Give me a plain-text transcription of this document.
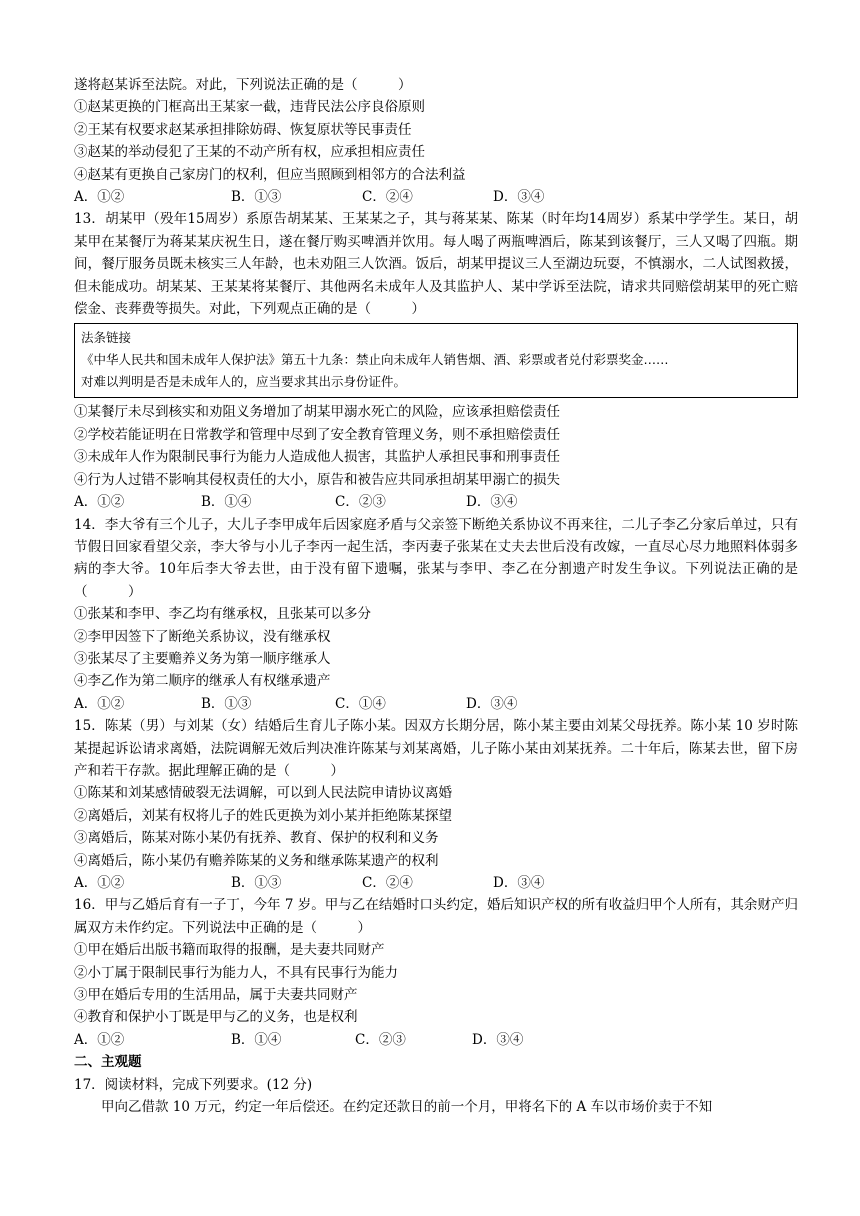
遂将赵某诉至法院。对此，下列说法正确的是（　　　）

①赵某更换的门框高出王某家一截，违背民法公序良俗原则

②王某有权要求赵某承担排除妨碍、恢复原状等民事责任

③赵某的举动侵犯了王某的不动产所有权，应承担相应责任

④赵某有更换自己家房门的权利，但应当照顾到相邻方的合法利益

A．①②	B．①③	C．②④	D．③④

13．胡某甲（殁年15周岁）系原告胡某某、王某某之子，其与蒋某某、陈某（时年均14周岁）系某中学学生。某日，胡某甲在某餐厅为蒋某某庆祝生日，遂在餐厅购买啤酒并饮用。每人喝了两瓶啤酒后，陈某到该餐厅，三人又喝了四瓶。期间，餐厅服务员既未核实三人年龄，也未劝阻三人饮酒。饭后，胡某甲提议三人至湖边玩耍，不慎溺水，二人试图救援，但未能成功。胡某某、王某某将某餐厅、其他两名未成年人及其监护人、某中学诉至法院，请求共同赔偿胡某甲的死亡赔偿金、丧葬费等损失。对此，下列观点正确的是（　　　）

法条链接
《中华人民共和国未成年人保护法》第五十九条：禁止向未成年人销售烟、酒、彩票或者兑付彩票奖金……
对难以判明是否是未成年人的，应当要求其出示身份证件。

①某餐厅未尽到核实和劝阻义务增加了胡某甲溺水死亡的风险，应该承担赔偿责任

②学校若能证明在日常教学和管理中尽到了安全教育管理义务，则不承担赔偿责任

③未成年人作为限制民事行为能力人造成他人损害，其监护人承担民事和刑事责任

④行为人过错不影响其侵权责任的大小，原告和被告应共同承担胡某甲溺亡的损失

A．①②	B．①④	C．②③	D．③④

14．李大爷有三个儿子，大儿子李甲成年后因家庭矛盾与父亲签下断绝关系协议不再来往，二儿子李乙分家后单过，只有节假日回家看望父亲，李大爷与小儿子李丙一起生活，李丙妻子张某在丈夫去世后没有改嫁，一直尽心尽力地照料体弱多病的李大爷。10年后李大爷去世，由于没有留下遗嘱，张某与李甲、李乙在分割遗产时发生争议。下列说法正确的是（　　　）

①张某和李甲、李乙均有继承权，且张某可以多分

②李甲因签下了断绝关系协议，没有继承权

③张某尽了主要赡养义务为第一顺序继承人

④李乙作为第二顺序的继承人有权继承遗产

A．①②	B．①③	C．①④	D．③④

15．陈某（男）与刘某（女）结婚后生育儿子陈小某。因双方长期分居，陈小某主要由刘某父母抚养。陈小某 10 岁时陈某提起诉讼请求离婚，法院调解无效后判决准许陈某与刘某离婚，儿子陈小某由刘某抚养。二十年后，陈某去世，留下房产和若干存款。据此理解正确的是（　　　）

①陈某和刘某感情破裂无法调解，可以到人民法院申请协议离婚

②离婚后，刘某有权将儿子的姓氏更换为刘小某并拒绝陈某探望

③离婚后，陈某对陈小某仍有抚养、教育、保护的权利和义务

④离婚后，陈小某仍有赡养陈某的义务和继承陈某遗产的权利

A．①②	B．①③	C．②④	D．③④

16．甲与乙婚后育有一子丁，今年 7 岁。甲与乙在结婚时口头约定，婚后知识产权的所有收益归甲个人所有，其余财产归属双方未作约定。下列说法中正确的是（　　　）

①甲在婚后出版书籍而取得的报酬，是夫妻共同财产

②小丁属于限制民事行为能力人，不具有民事行为能力

③甲在婚后专用的生活用品，属于夫妻共同财产

④教育和保护小丁既是甲与乙的义务，也是权利

A．①②	B．①④	C．②③	D．③④

二、主观题

17．阅读材料，完成下列要求。(12 分)

甲向乙借款 10 万元，约定一年后偿还。在约定还款日的前一个月，甲将名下的 A 车以市场价卖于不知
